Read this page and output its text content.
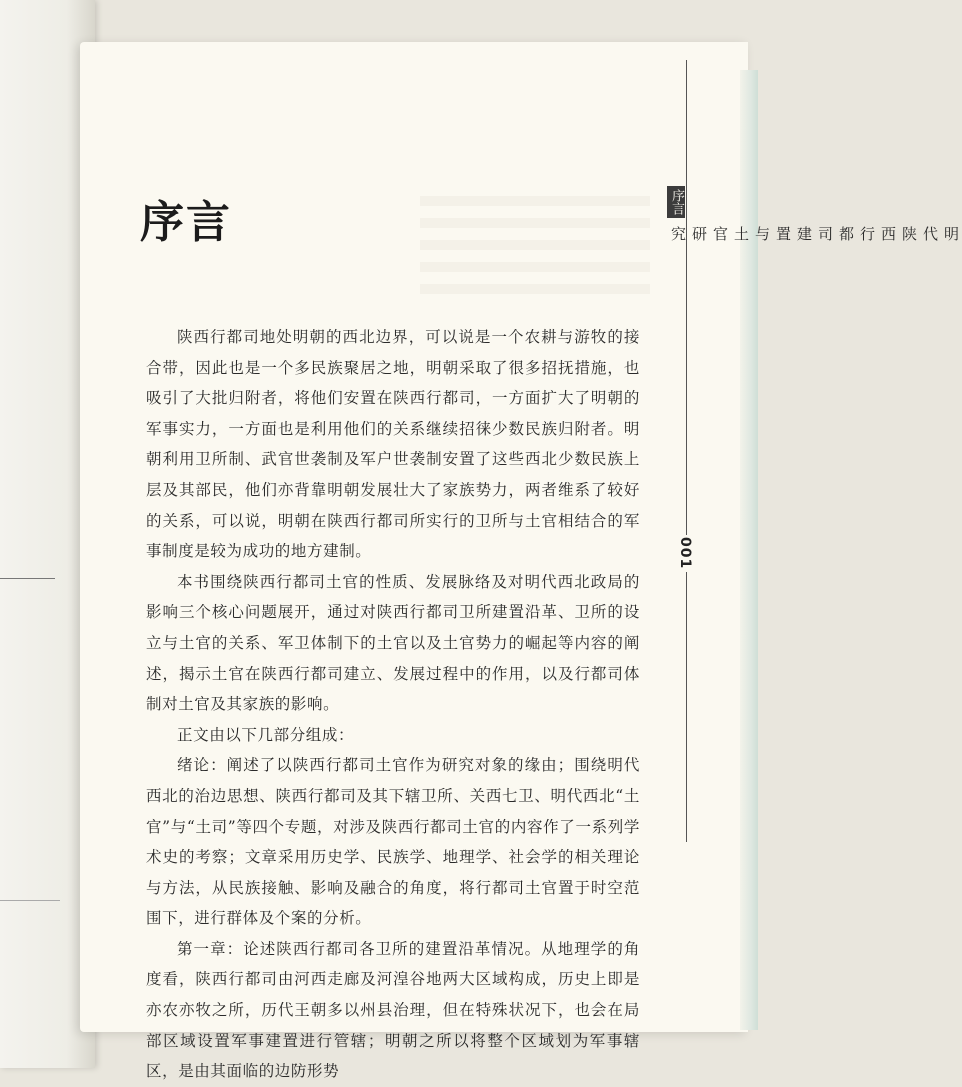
序言	明代陕西行都司建置与土官研究
序言
001

陕西行都司地处明朝的西北边界，可以说是一个农耕与游牧的接合带，因此也是一个多民族聚居之地，明朝采取了很多招抚措施，也吸引了大批归附者，将他们安置在陕西行都司，一方面扩大了明朝的军事实力，一方面也是利用他们的关系继续招徕少数民族归附者。明朝利用卫所制、武官世袭制及军户世袭制安置了这些西北少数民族上层及其部民，他们亦背靠明朝发展壮大了家族势力，两者维系了较好的关系，可以说，明朝在陕西行都司所实行的卫所与土官相结合的军事制度是较为成功的地方建制。

本书围绕陕西行都司土官的性质、发展脉络及对明代西北政局的影响三个核心问题展开，通过对陕西行都司卫所建置沿革、卫所的设立与土官的关系、军卫体制下的土官以及土官势力的崛起等内容的阐述，揭示土官在陕西行都司建立、发展过程中的作用，以及行都司体制对土官及其家族的影响。

正文由以下几部分组成：

绪论：阐述了以陕西行都司土官作为研究对象的缘由；围绕明代西北的治边思想、陕西行都司及其下辖卫所、关西七卫、明代西北“土官”与“土司”等四个专题，对涉及陕西行都司土官的内容作了一系列学术史的考察；文章采用历史学、民族学、地理学、社会学的相关理论与方法，从民族接触、影响及融合的角度，将行都司土官置于时空范围下，进行群体及个案的分析。

第一章：论述陕西行都司各卫所的建置沿革情况。从地理学的角度看，陕西行都司由河西走廊及河湟谷地两大区域构成，历史上即是亦农亦牧之所，历代王朝多以州县治理，但在特殊状况下，也会在局部区域设置军事建置进行管辖；明朝之所以将整个区域划为军事辖区，是由其面临的边防形势
